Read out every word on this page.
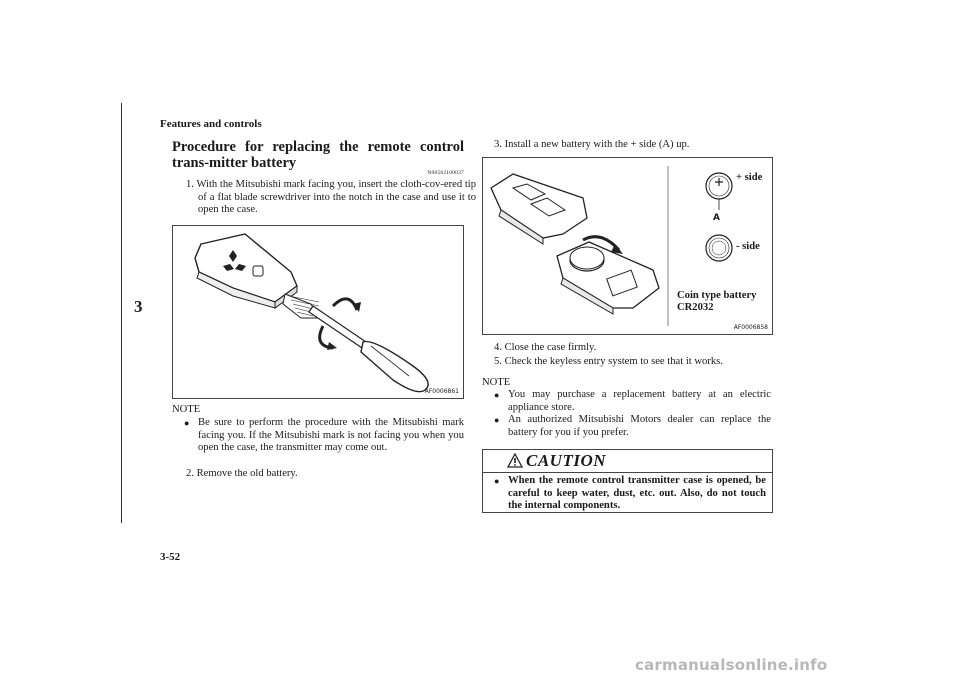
3
Features and controls
3-52
carmanualsonline.info
Procedure for replacing the remote control trans-mitter battery
N00562100037
1. With the Mitsubishi mark facing you, insert the cloth-cov-ered tip of a flat blade screwdriver into the notch in the case and use it to open the case.
AF0006861
NOTE
● Be sure to perform the procedure with the Mitsubishi mark facing you. If the Mitsubishi mark is not facing you when you open the case, the transmitter may come out.
2. Remove the old battery.
3. Install a new battery with the + side (A) up.
+ side
A
- side
Coin type battery
CR2032
AF0006858
4. Close the case firmly.
5. Check the keyless entry system to see that it works.
NOTE
● You may purchase a replacement battery at an electric appliance store.
● An authorized Mitsubishi Motors dealer can replace the battery for you if you prefer.
CAUTION
● When the remote control transmitter case is opened, be careful to keep water, dust, etc. out. Also, do not touch the internal components.
